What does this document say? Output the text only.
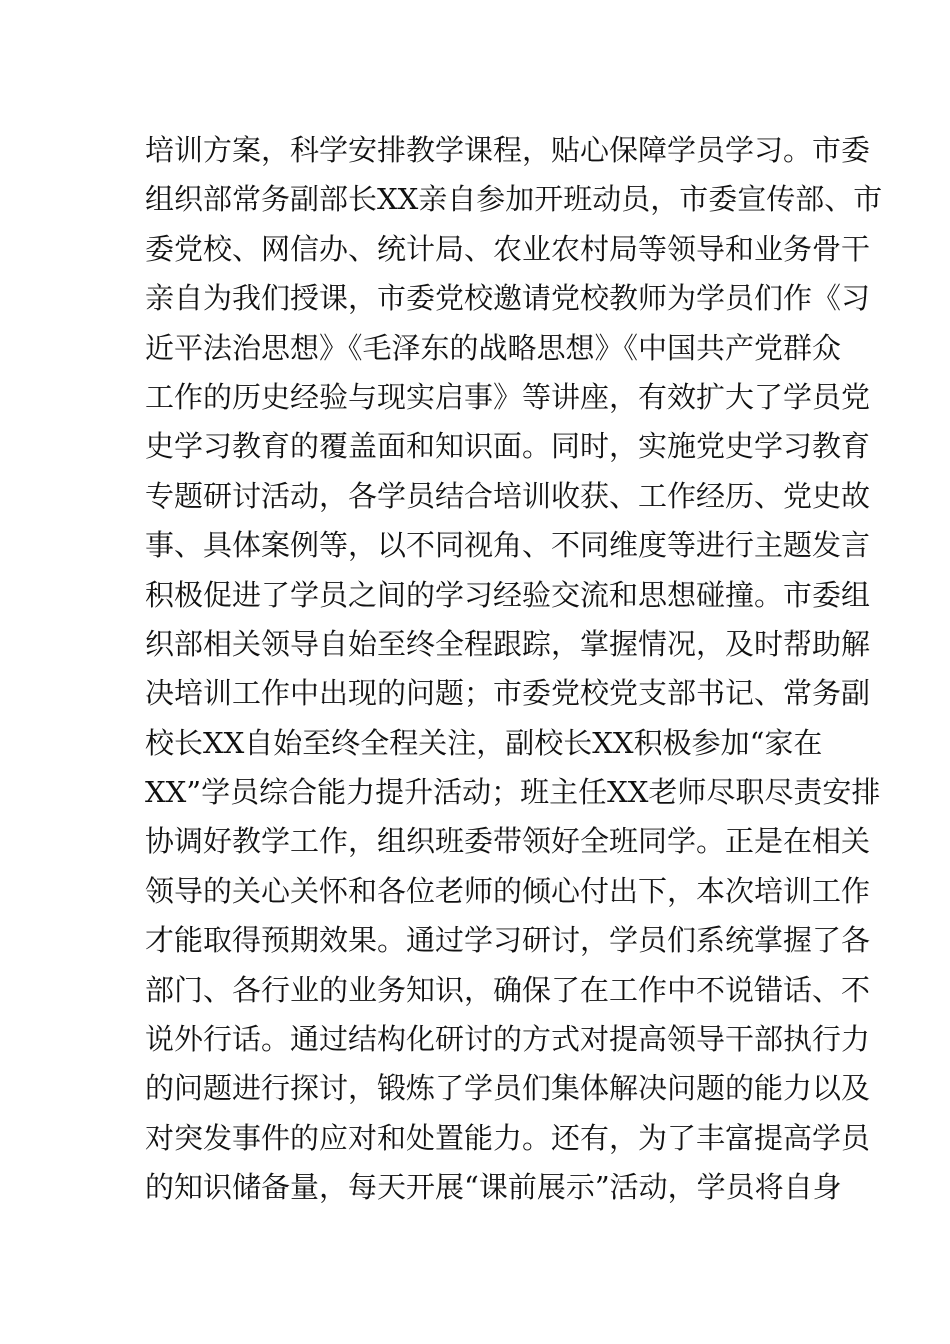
培训方案，科学安排教学课程，贴心保障学员学习。市委
组织部常务副部长XX亲自参加开班动员，市委宣传部、市
委党校、网信办、统计局、农业农村局等领导和业务骨干
亲自为我们授课，市委党校邀请党校教师为学员们作《习
近平法治思想》《毛泽东的战略思想》《中国共产党群众
工作的历史经验与现实启事》等讲座，有效扩大了学员党
史学习教育的覆盖面和知识面。同时，实施党史学习教育
专题研讨活动，各学员结合培训收获、工作经历、党史故
事、具体案例等，以不同视角、不同维度等进行主题发言
积极促进了学员之间的学习经验交流和思想碰撞。市委组
织部相关领导自始至终全程跟踪，掌握情况，及时帮助解
决培训工作中出现的问题；市委党校党支部书记、常务副
校长XX自始至终全程关注，副校长XX积极参加“家在
XX”学员综合能力提升活动；班主任XX老师尽职尽责安排
协调好教学工作，组织班委带领好全班同学。正是在相关
领导的关心关怀和各位老师的倾心付出下，本次培训工作
才能取得预期效果。通过学习研讨，学员们系统掌握了各
部门、各行业的业务知识，确保了在工作中不说错话、不
说外行话。通过结构化研讨的方式对提高领导干部执行力
的问题进行探讨，锻炼了学员们集体解决问题的能力以及
对突发事件的应对和处置能力。还有，为了丰富提高学员
的知识储备量，每天开展“课前展示”活动，学员将自身
